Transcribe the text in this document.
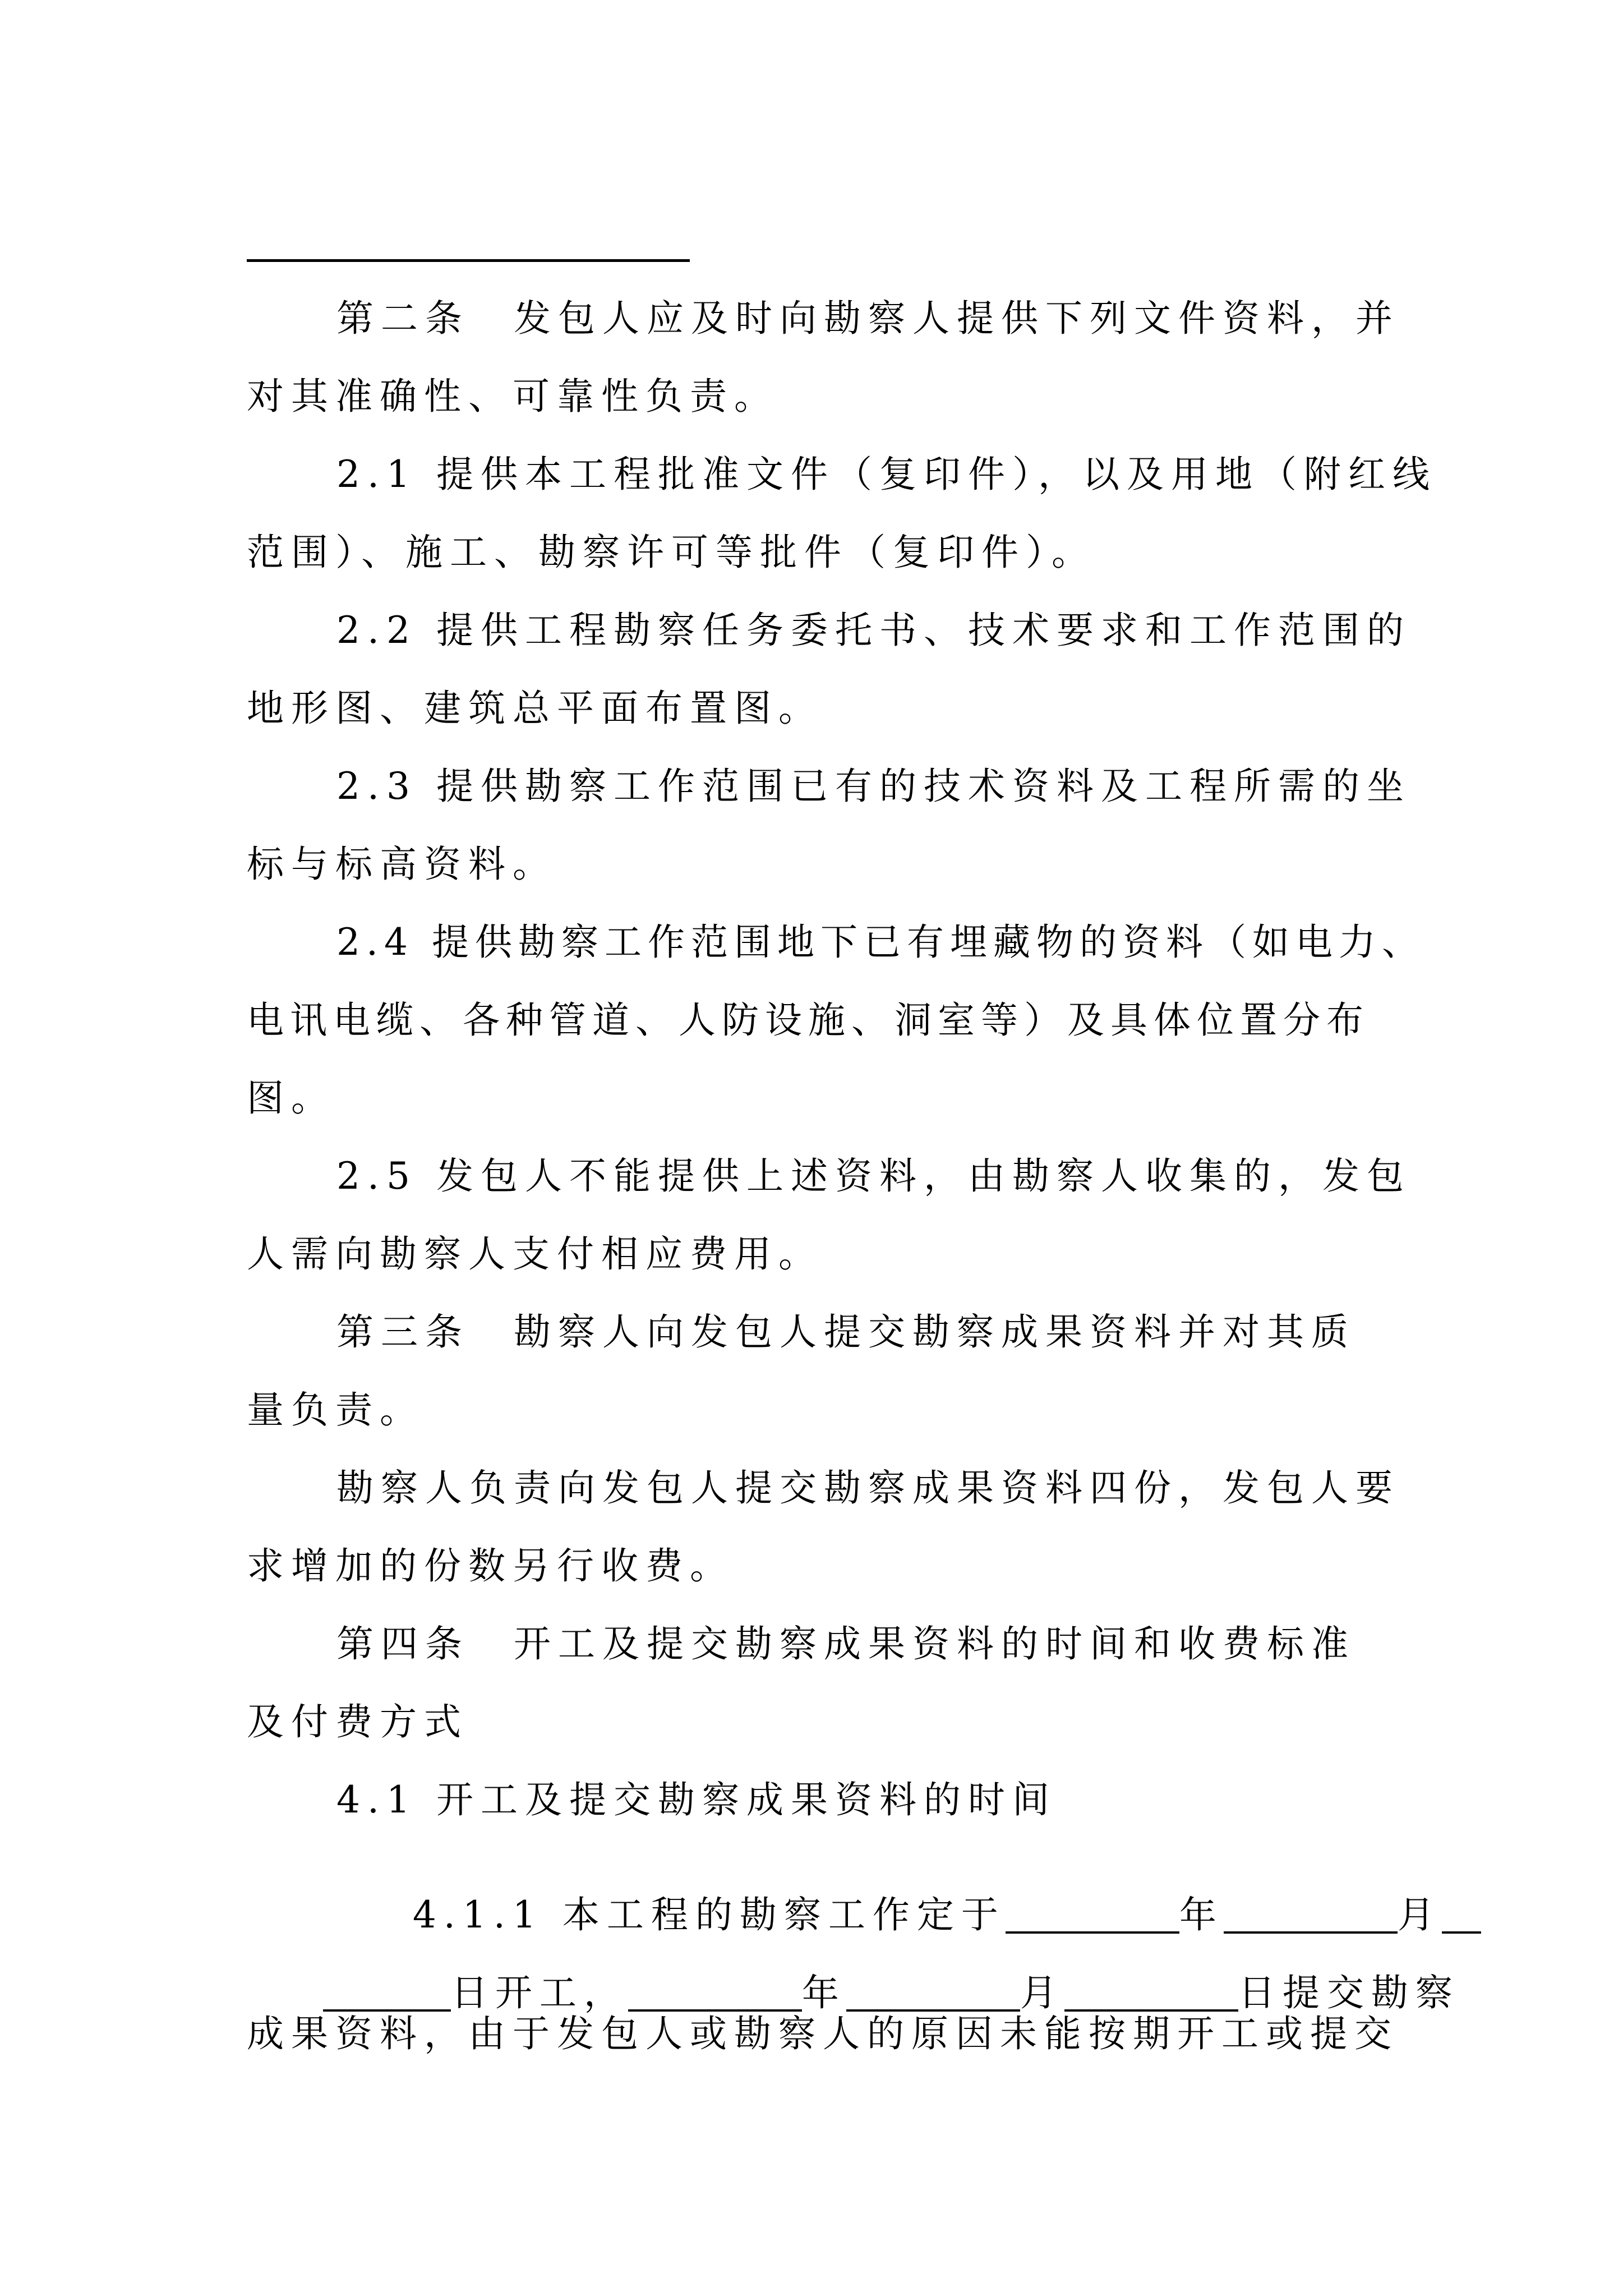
第二条　发包人应及时向勘察人提供下列文件资料，并
对其准确性、可靠性负责。
2.1 提供本工程批准文件（复印件），以及用地（附红线
范围）、施工、勘察许可等批件（复印件）。
2.2 提供工程勘察任务委托书、技术要求和工作范围的
地形图、建筑总平面布置图。
2.3 提供勘察工作范围已有的技术资料及工程所需的坐
标与标高资料。
2.4 提供勘察工作范围地下已有埋藏物的资料（如电力、
电讯电缆、各种管道、人防设施、洞室等）及具体位置分布
图。
2.5 发包人不能提供上述资料，由勘察人收集的，发包
人需向勘察人支付相应费用。
第三条　勘察人向发包人提交勘察成果资料并对其质
量负责。
勘察人负责向发包人提交勘察成果资料四份，发包人要
求增加的份数另行收费。
第四条　开工及提交勘察成果资料的时间和收费标准
及付费方式
4.1 开工及提交勘察成果资料的时间

4.1.1 本工程的勘察工作定于	年	月

日开工，	年	月	日提交勘察

成果资料，由于发包人或勘察人的原因未能按期开工或提交
